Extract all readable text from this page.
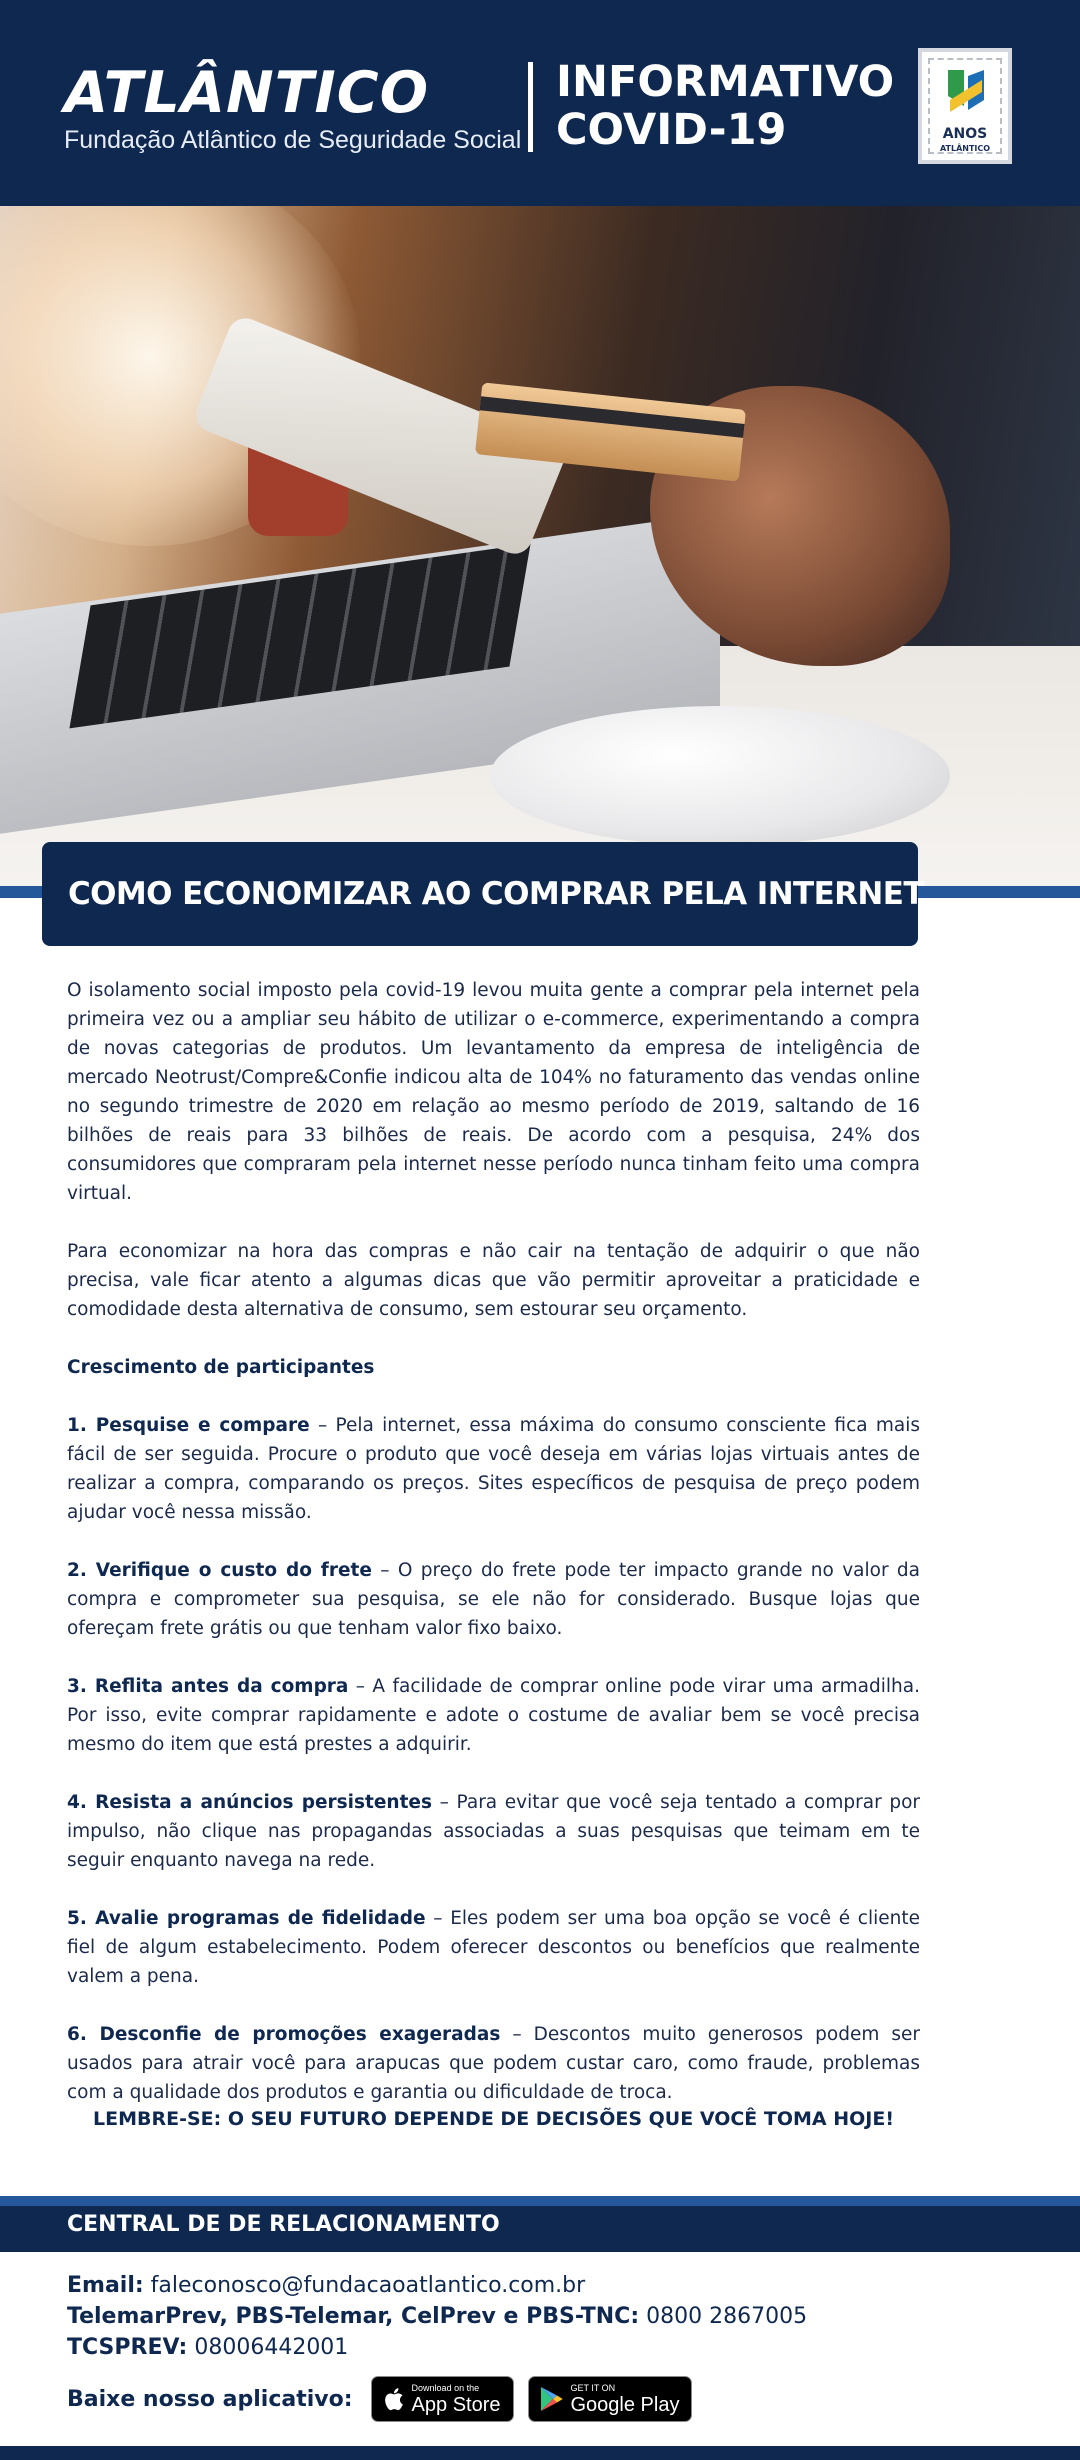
ATLÂNTICO
Fundação Atlântico de Seguridade Social
INFORMATIVO
COVID-19	ANOS
ATLÂNTICO
COMO ECONOMIZAR AO COMPRAR PELA INTERNET

O isolamento social imposto pela covid-19 levou muita gente a comprar pela internet pela primeira vez ou a ampliar seu hábito de utilizar o e-commerce, experimentando a compra de novas categorias de produtos. Um levantamento da empresa de inteligência de mercado Neotrust/Compre&Confie indicou alta de 104% no faturamento das vendas online no segundo trimestre de 2020 em relação ao mesmo período de 2019, saltando de 16 bilhões de reais para 33 bilhões de reais. De acordo com a pesquisa, 24% dos consumidores que compraram pela internet nesse período nunca tinham feito uma compra virtual.

Para economizar na hora das compras e não cair na tentação de adquirir o que não precisa, vale ficar atento a algumas dicas que vão permitir aproveitar a praticidade e comodidade desta alternativa de consumo, sem estourar seu orçamento.

Crescimento de participantes

1. Pesquise e compare – Pela internet, essa máxima do consumo consciente fica mais fácil de ser seguida. Procure o produto que você deseja em várias lojas virtuais antes de realizar a compra, comparando os preços. Sites específicos de pesquisa de preço podem ajudar você nessa missão.

2. Verifique o custo do frete – O preço do frete pode ter impacto grande no valor da compra e comprometer sua pesquisa, se ele não for considerado. Busque lojas que ofereçam frete grátis ou que tenham valor fixo baixo.

3. Reflita antes da compra – A facilidade de comprar online pode virar uma armadilha. Por isso, evite comprar rapidamente e adote o costume de avaliar bem se você precisa mesmo do item que está prestes a adquirir.

4. Resista a anúncios persistentes – Para evitar que você seja tentado a comprar por impulso, não clique nas propagandas associadas a suas pesquisas que teimam em te seguir enquanto navega na rede.

5. Avalie programas de fidelidade – Eles podem ser uma boa opção se você é cliente fiel de algum estabelecimento. Podem oferecer descontos ou benefícios que realmente valem a pena.

6. Desconfie de promoções exageradas – Descontos muito generosos podem ser usados para atrair você para arapucas que podem custar caro, como fraude, problemas com a qualidade dos produtos e garantia ou dificuldade de troca.

LEMBRE-SE: O SEU FUTURO DEPENDE DE DECISÕES QUE VOCÊ TOMA HOJE!
CENTRAL DE DE RELACIONAMENTO
Email: faleconosco@fundacaoatlantico.com.br
TelemarPrev, PBS-Telemar, CelPrev e PBS-TNC: 0800 2867005
TCSPREV: 08006442001
Baixe nosso aplicativo:	Download on the
App Store
GET IT ON
Google Play
